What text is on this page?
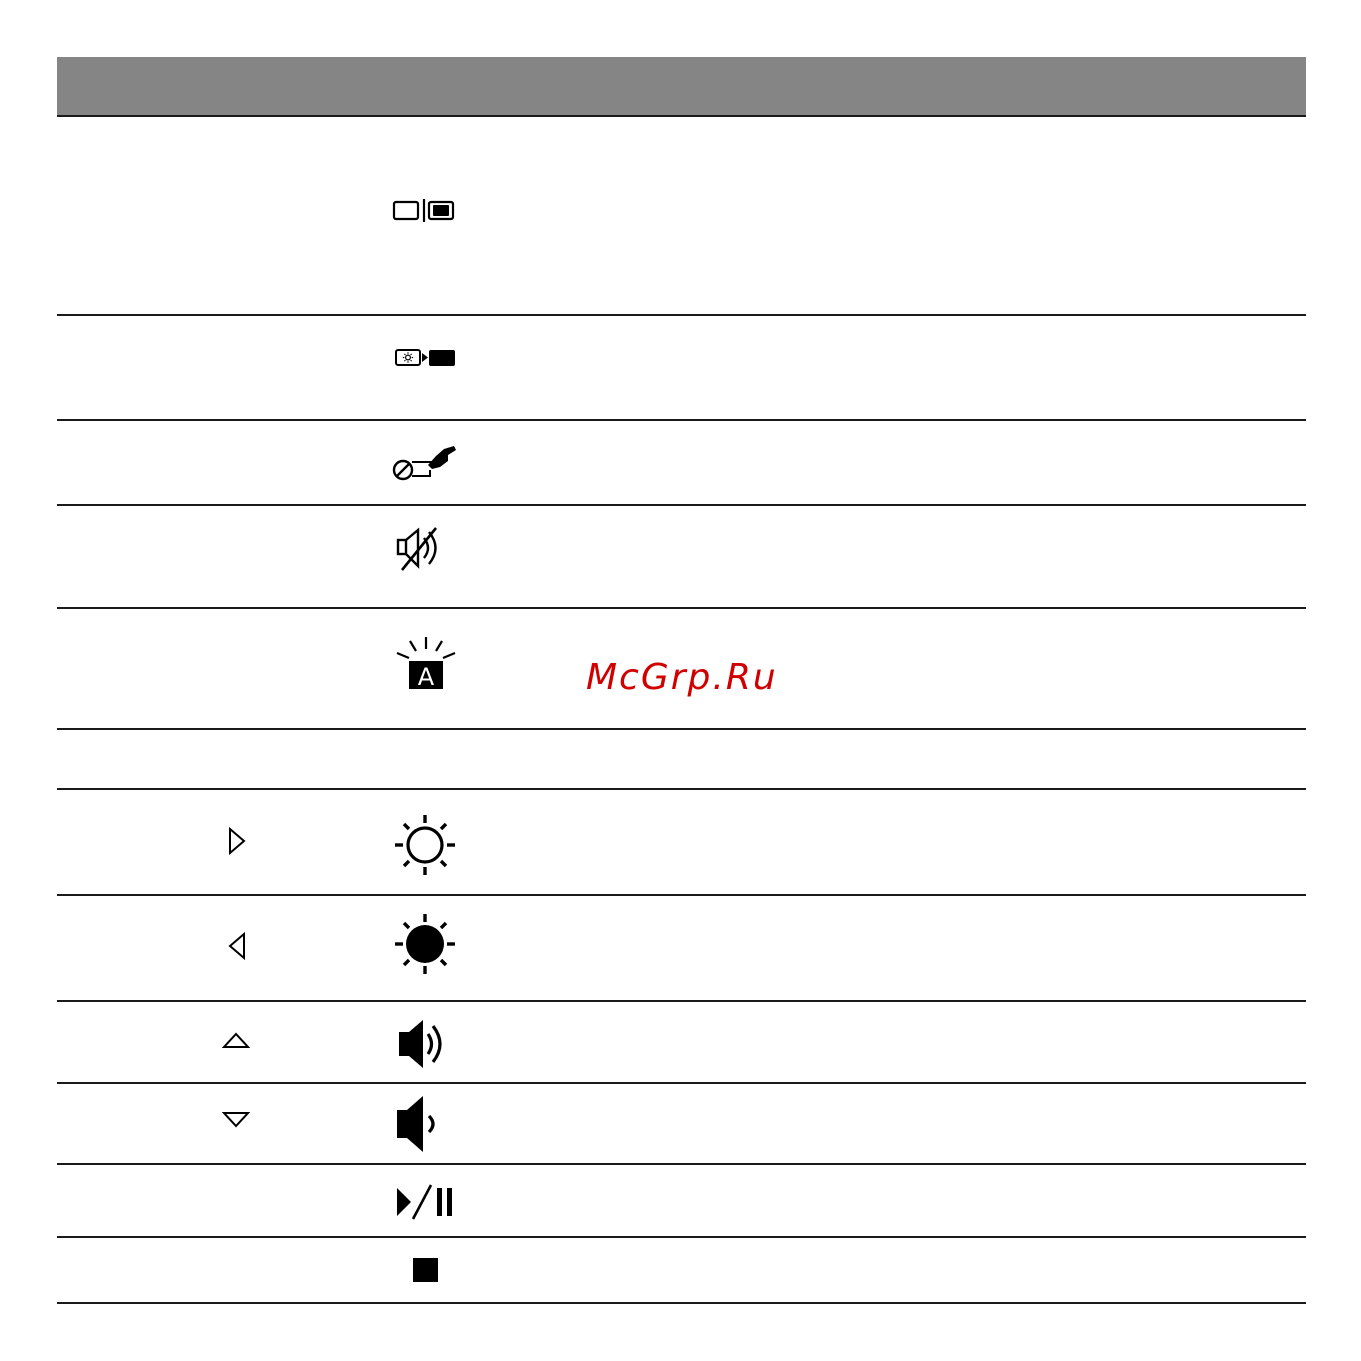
A	McGrp.Ru
